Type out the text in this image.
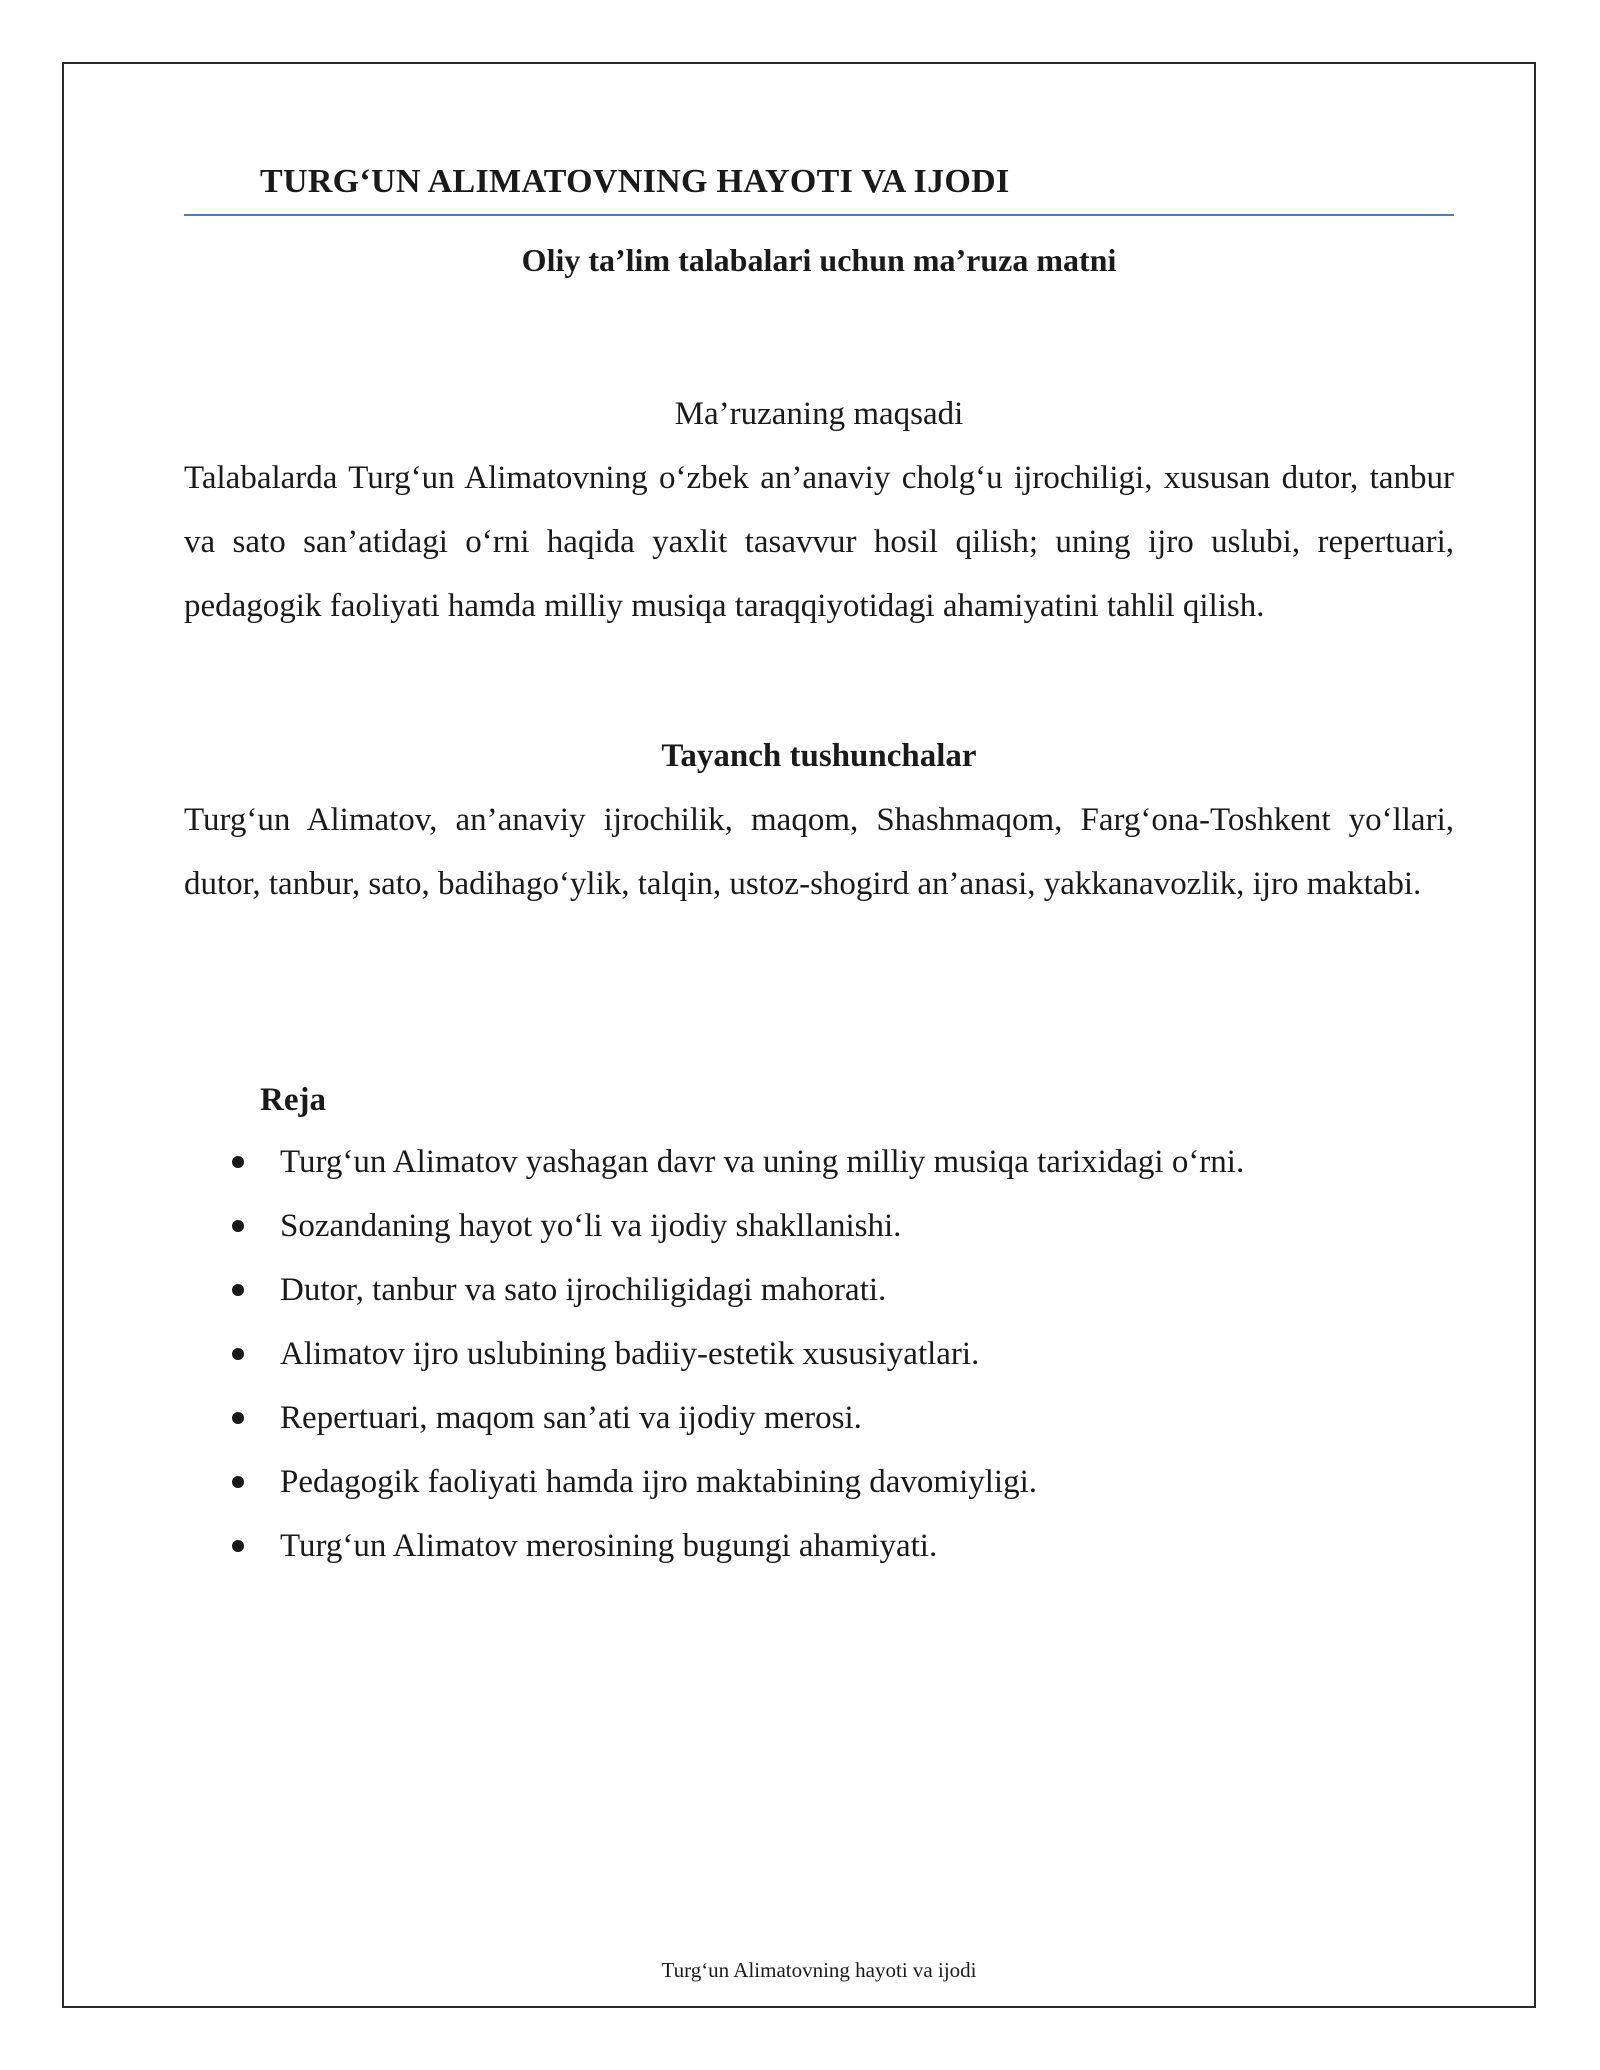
TURG‘UN ALIMATOVNING HAYOTI VA IJODI
Oliy ta’lim talabalari uchun ma’ruza matni
Ma’ruzaning maqsadi

Talabalarda Turg‘un Alimatovning o‘zbek an’anaviy cholg‘u ijrochiligi, xususan dutor, tanbur va sato san’atidagi o‘rni haqida yaxlit tasavvur hosil qilish; uning ijro uslubi, repertuari, pedagogik faoliyati hamda milliy musiqa taraqqiyotidagi ahamiyatini tahlil qilish.

Tayanch tushunchalar

Turg‘un Alimatov, an’anaviy ijrochilik, maqom, Shashmaqom, Farg‘ona-Toshkent yo‘llari, dutor, tanbur, sato, badihago‘ylik, talqin, ustoz-shogird an’anasi, yakkanavozlik, ijro maktabi.

Reja
Turg‘un Alimatov yashagan davr va uning milliy musiqa tarixidagi o‘rni.
Sozandaning hayot yo‘li va ijodiy shakllanishi.
Dutor, tanbur va sato ijrochiligidagi mahorati.
Alimatov ijro uslubining badiiy-estetik xususiyatlari.
Repertuari, maqom san’ati va ijodiy merosi.
Pedagogik faoliyati hamda ijro maktabining davomiyligi.
Turg‘un Alimatov merosining bugungi ahamiyati.

Turg‘un Alimatovning hayoti va ijodi
